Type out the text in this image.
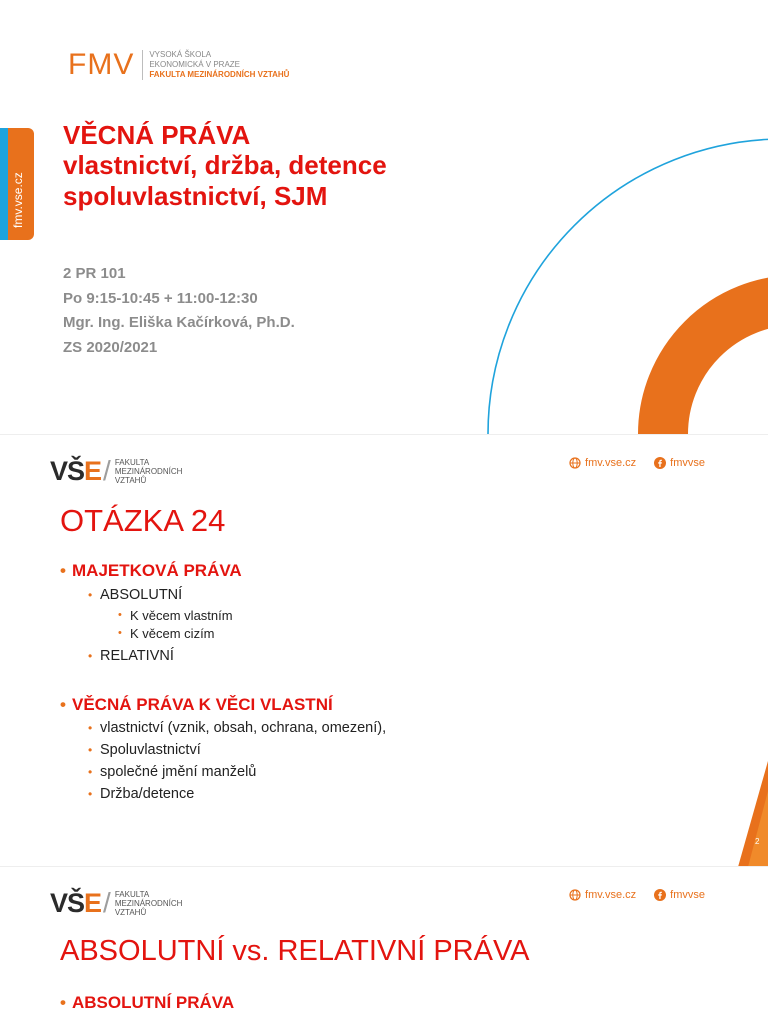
FMV VYSOKÁ ŠKOLA
EKONOMICKÁ V PRAZE
FAKULTA MEZINÁRODNÍCH VZTAHŮ
fmv.vse.cz
VĚCNÁ PRÁVA
vlastnictví, držba, detence
spoluvlastnictví, SJM
2 PR 101
Po 9:15-10:45 + 11:00-12:30
Mgr. Ing. Eliška Kačírková, Ph.D.
ZS 2020/2021
VŠE / FAKULTA
MEZINÁRODNÍCH
VZTAHŮ
fmv.vse.cz	fmvvse
OTÁZKA 24
• MAJETKOVÁ PRÁVA
• ABSOLUTNÍ
• K věcem vlastním
• K věcem cizím
• RELATIVNÍ
• VĚCNÁ PRÁVA K VĚCI VLASTNÍ
• vlastnictví (vznik, obsah, ochrana, omezení),
• Spoluvlastnictví
• společné jmění manželů
• Držba/detence
2
VŠE / FAKULTA
MEZINÁRODNÍCH
VZTAHŮ
fmv.vse.cz	fmvvse
ABSOLUTNÍ vs. RELATIVNÍ PRÁVA
• ABSOLUTNÍ PRÁVA
